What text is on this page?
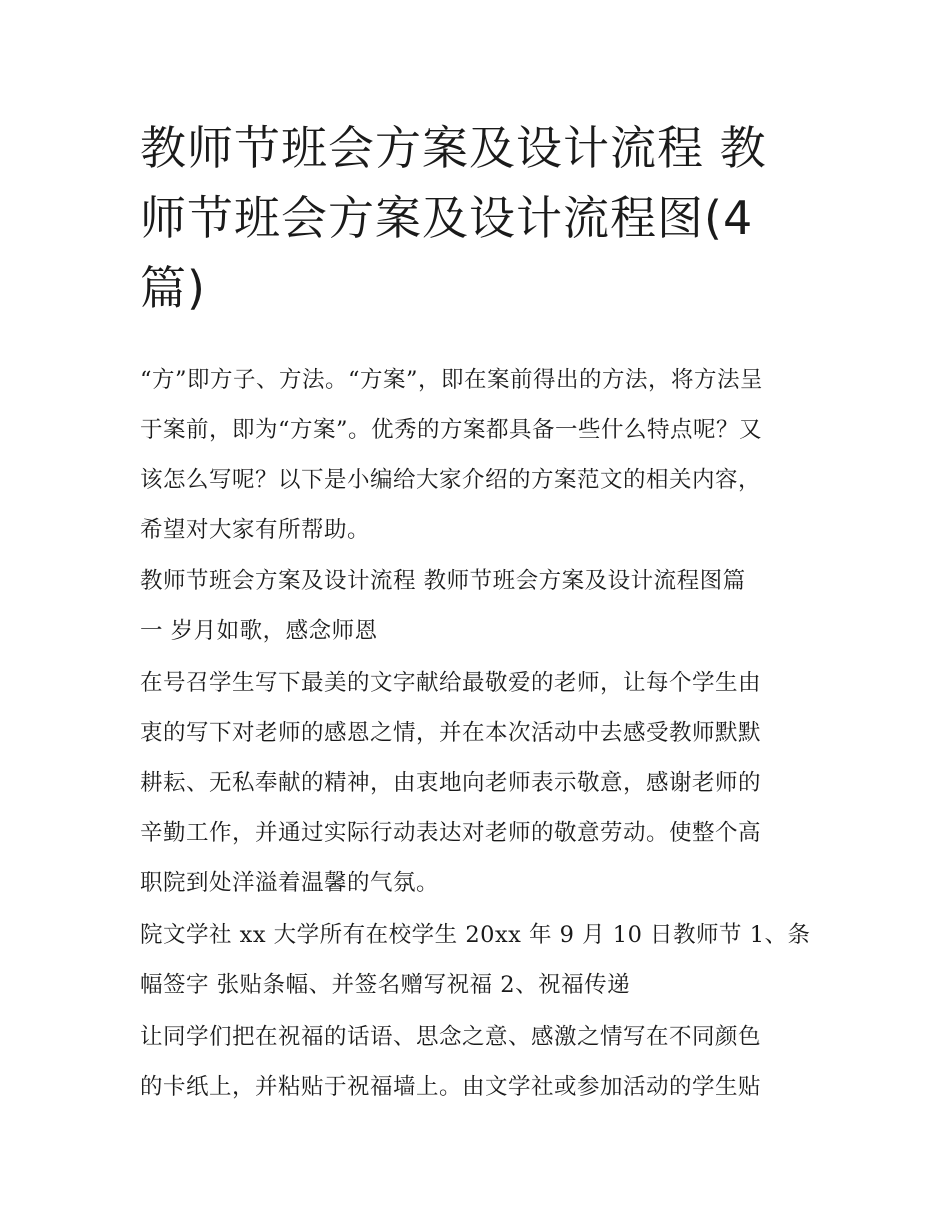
教师节班会方案及设计流程 教
师节班会方案及设计流程图(4
篇)

“方”即方子、方法。“方案”，即在案前得出的方法，将方法呈
于案前，即为“方案”。优秀的方案都具备一些什么特点呢？又
该怎么写呢？以下是小编给大家介绍的方案范文的相关内容，
希望对大家有所帮助。

教师节班会方案及设计流程 教师节班会方案及设计流程图篇
一 岁月如歌，感念师恩

在号召学生写下最美的文字献给最敬爱的老师，让每个学生由
衷的写下对老师的感恩之情，并在本次活动中去感受教师默默
耕耘、无私奉献的精神，由衷地向老师表示敬意，感谢老师的
辛勤工作，并通过实际行动表达对老师的敬意劳动。使整个高
职院到处洋溢着温馨的气氛。

院文学社 xx 大学所有在校学生 20xx 年 9 月 10 日教师节 1、条
幅签字 张贴条幅、并签名赠写祝福 2、祝福传递

让同学们把在祝福的话语、思念之意、感激之情写在不同颜色
的卡纸上，并粘贴于祝福墙上。由文学社或参加活动的学生贴
